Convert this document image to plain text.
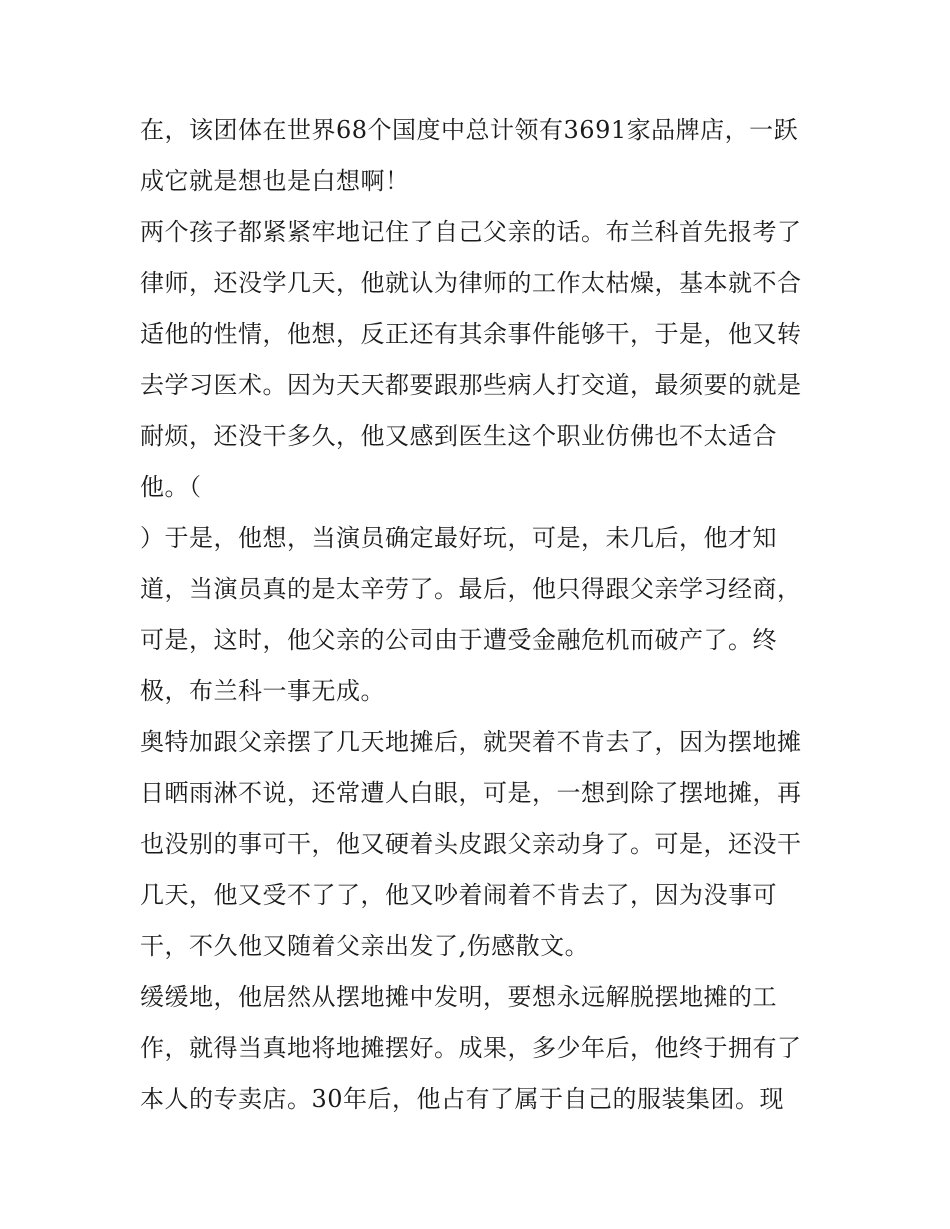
在，该团体在世界68个国度中总计领有3691家品牌店，一跃
成它就是想也是白想啊！
两个孩子都紧紧牢地记住了自己父亲的话。布兰科首先报考了
律师，还没学几天，他就认为律师的工作太枯燥，基本就不合
适他的性情，他想，反正还有其余事件能够干，于是，他又转
去学习医术。因为天天都要跟那些病人打交道，最须要的就是
耐烦，还没干多久，他又感到医生这个职业仿佛也不太适合
他。（
）于是，他想，当演员确定最好玩，可是，未几后，他才知
道，当演员真的是太辛劳了。最后，他只得跟父亲学习经商，
可是，这时，他父亲的公司由于遭受金融危机而破产了。终
极，布兰科一事无成。
奥特加跟父亲摆了几天地摊后，就哭着不肯去了，因为摆地摊
日晒雨淋不说，还常遭人白眼，可是，一想到除了摆地摊，再
也没别的事可干，他又硬着头皮跟父亲动身了。可是，还没干
几天，他又受不了了，他又吵着闹着不肯去了，因为没事可
干，不久他又随着父亲出发了,伤感散文。
缓缓地，他居然从摆地摊中发明，要想永远解脱摆地摊的工
作，就得当真地将地摊摆好。成果，多少年后，他终于拥有了
本人的专卖店。30年后，他占有了属于自己的服装集团。现
